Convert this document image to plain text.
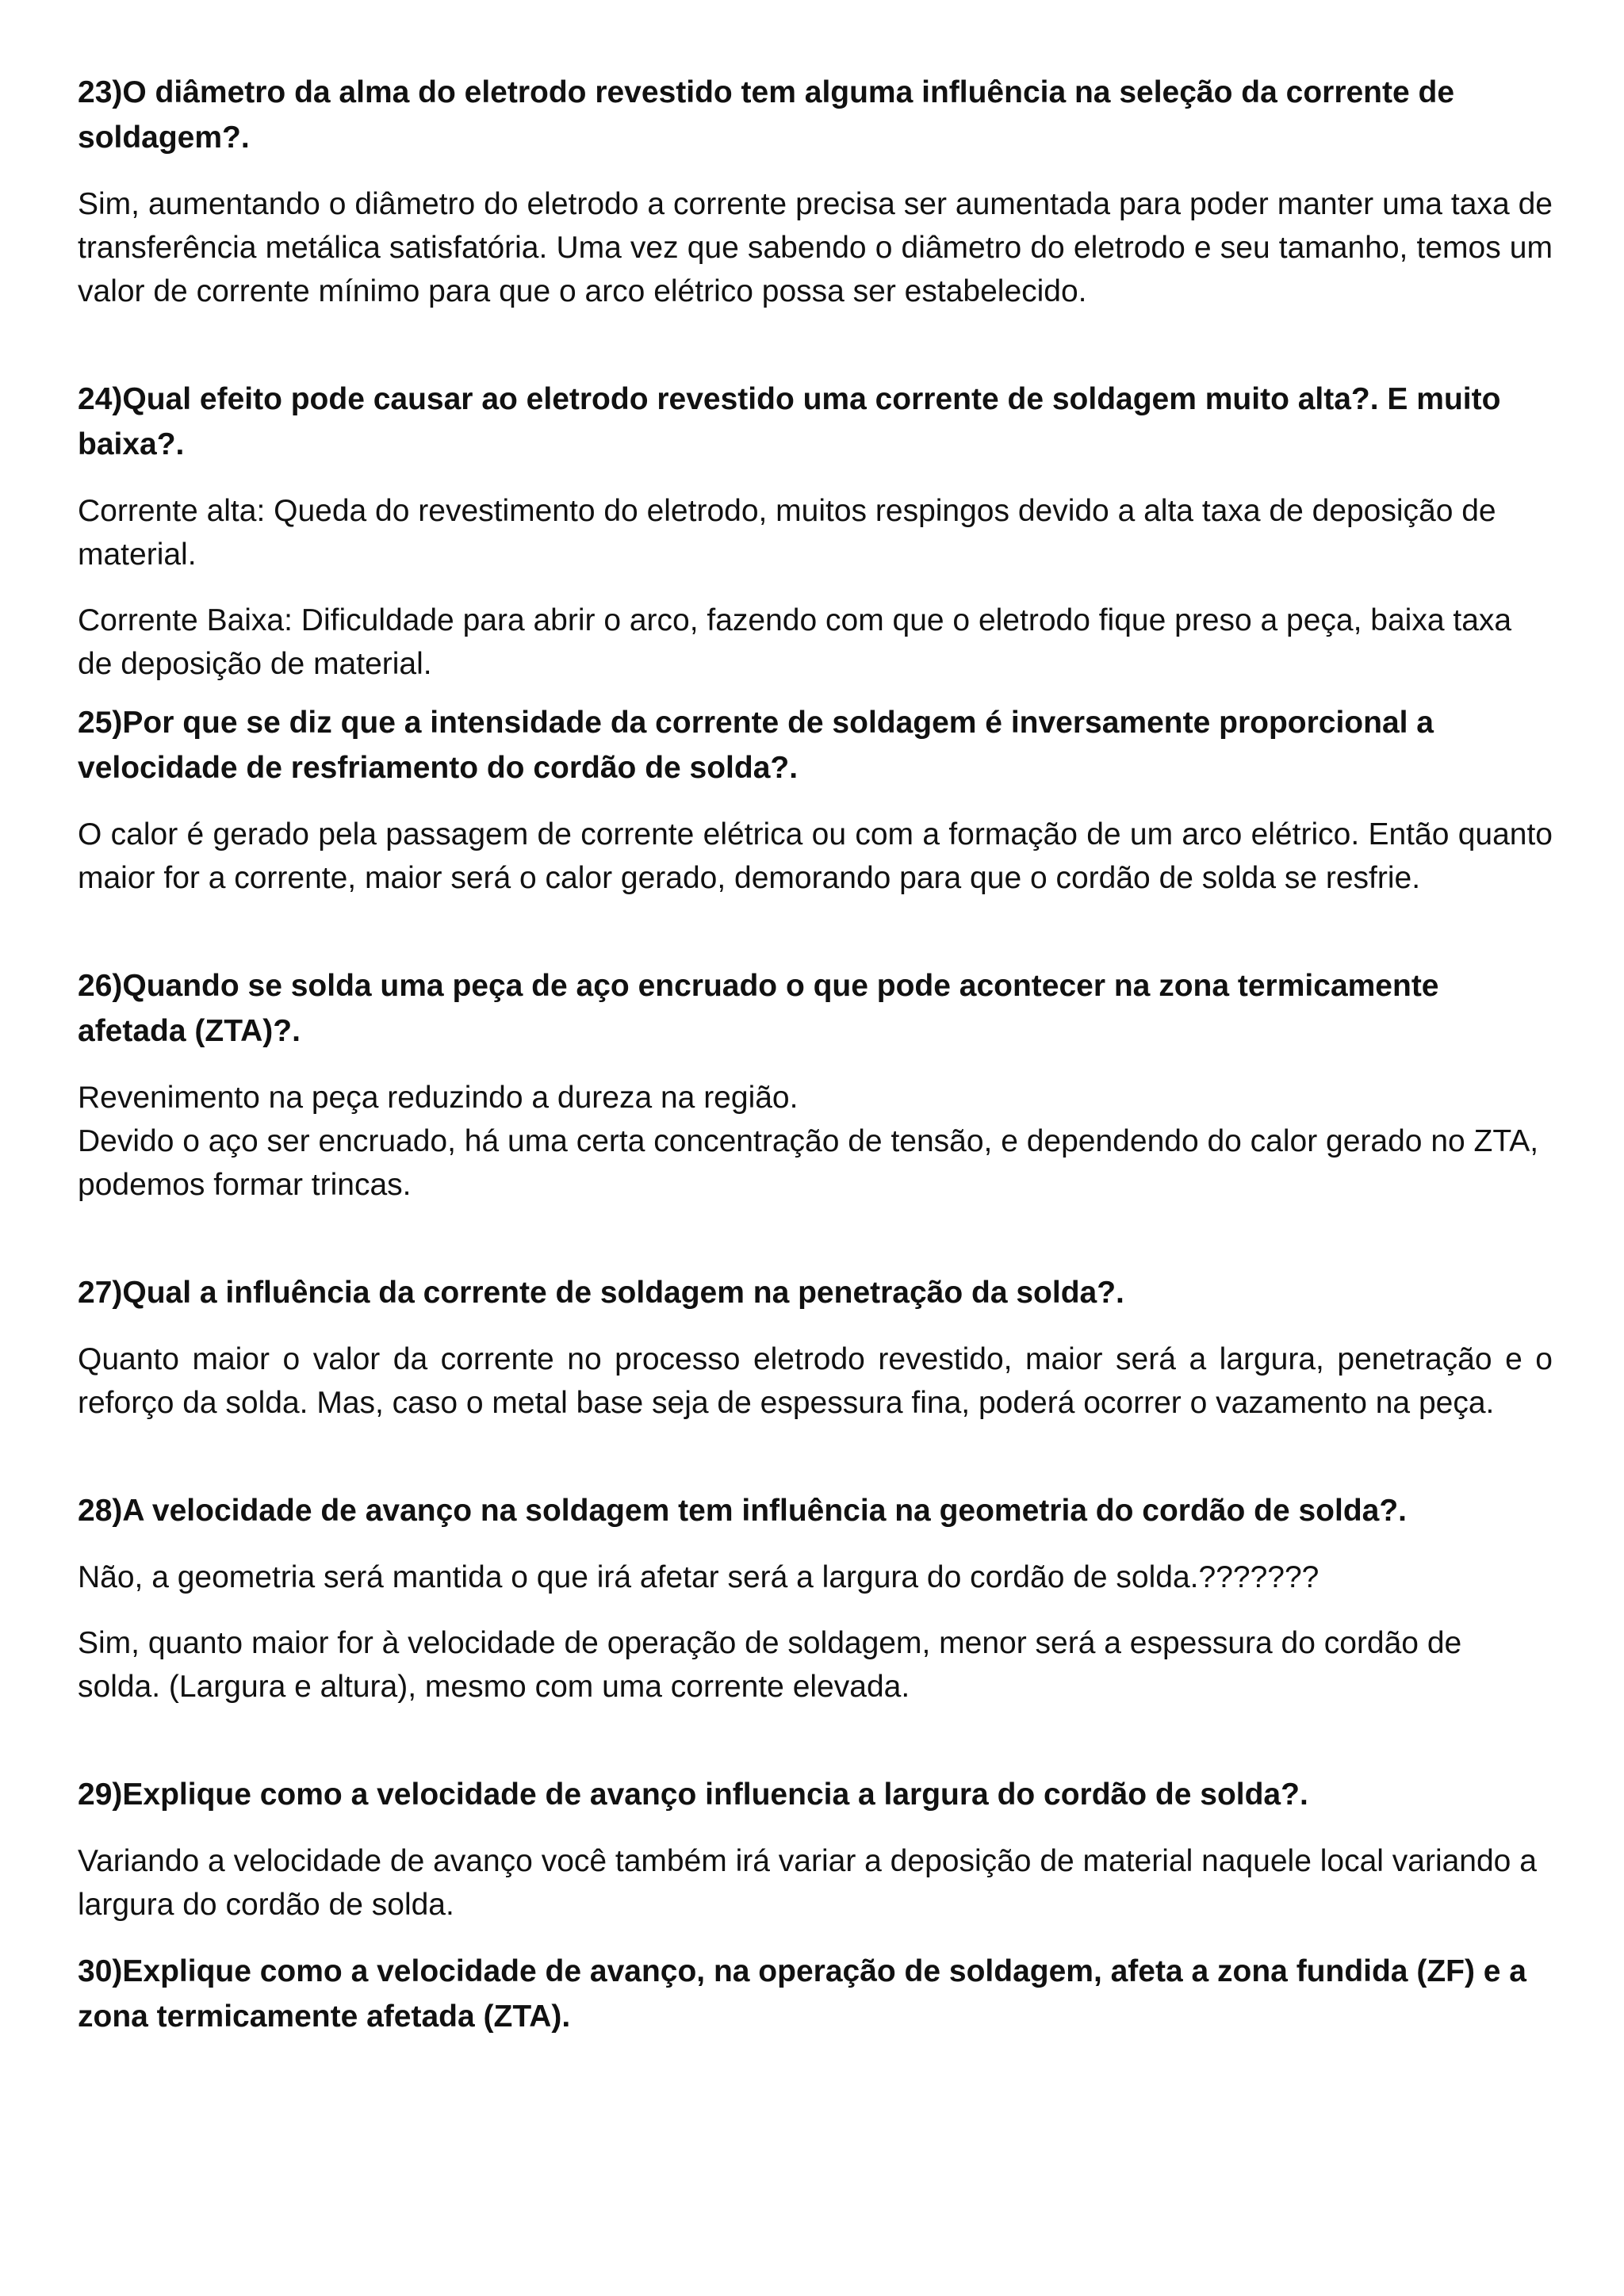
23)O diâmetro da alma do eletrodo revestido tem alguma influência na seleção da corrente de soldagem?.

Sim, aumentando o diâmetro do eletrodo a corrente precisa ser aumentada para poder manter uma taxa de transferência metálica satisfatória. Uma vez que sabendo o diâmetro do eletrodo e seu tamanho, temos um valor de corrente mínimo para que o arco elétrico possa ser estabelecido.

24)Qual efeito pode causar ao eletrodo revestido uma corrente de soldagem muito alta?. E muito baixa?.

Corrente alta: Queda do revestimento do eletrodo, muitos respingos devido a alta taxa de deposição de material.

Corrente Baixa: Dificuldade para abrir o arco, fazendo com que o eletrodo fique preso a peça, baixa taxa de deposição de material.

25)Por que se diz que a intensidade da corrente de soldagem é inversamente proporcional a velocidade de resfriamento do cordão de solda?.

O calor é gerado pela passagem de corrente elétrica ou com a formação de um arco elétrico. Então quanto maior for a corrente, maior será o calor gerado, demorando para que o cordão de solda se resfrie.

26)Quando se solda uma peça de aço encruado o que pode acontecer na zona termicamente afetada (ZTA)?.

Revenimento na peça reduzindo a dureza na região.

Devido o aço ser encruado, há uma certa concentração de tensão, e dependendo do calor gerado no ZTA, podemos formar trincas.

27)Qual a influência da corrente de soldagem na penetração da solda?.

Quanto maior o valor da corrente no processo eletrodo revestido, maior será a largura, penetração e o reforço da solda. Mas, caso o metal base seja de espessura fina, poderá ocorrer o vazamento na peça.

28)A velocidade de avanço na soldagem tem influência na geometria do cordão de solda?.

Não, a geometria será mantida o que irá afetar será a largura do cordão de solda.???????

Sim, quanto maior for à velocidade de operação de soldagem, menor será a espessura do cordão de solda. (Largura e altura), mesmo com uma corrente elevada.

29)Explique como a velocidade de avanço influencia a largura do cordão de solda?.

Variando a velocidade de avanço você também irá variar a deposição de material naquele local variando a largura do cordão de solda.

30)Explique como a velocidade de avanço, na operação de soldagem, afeta a zona fundida (ZF) e a zona termicamente afetada (ZTA).
